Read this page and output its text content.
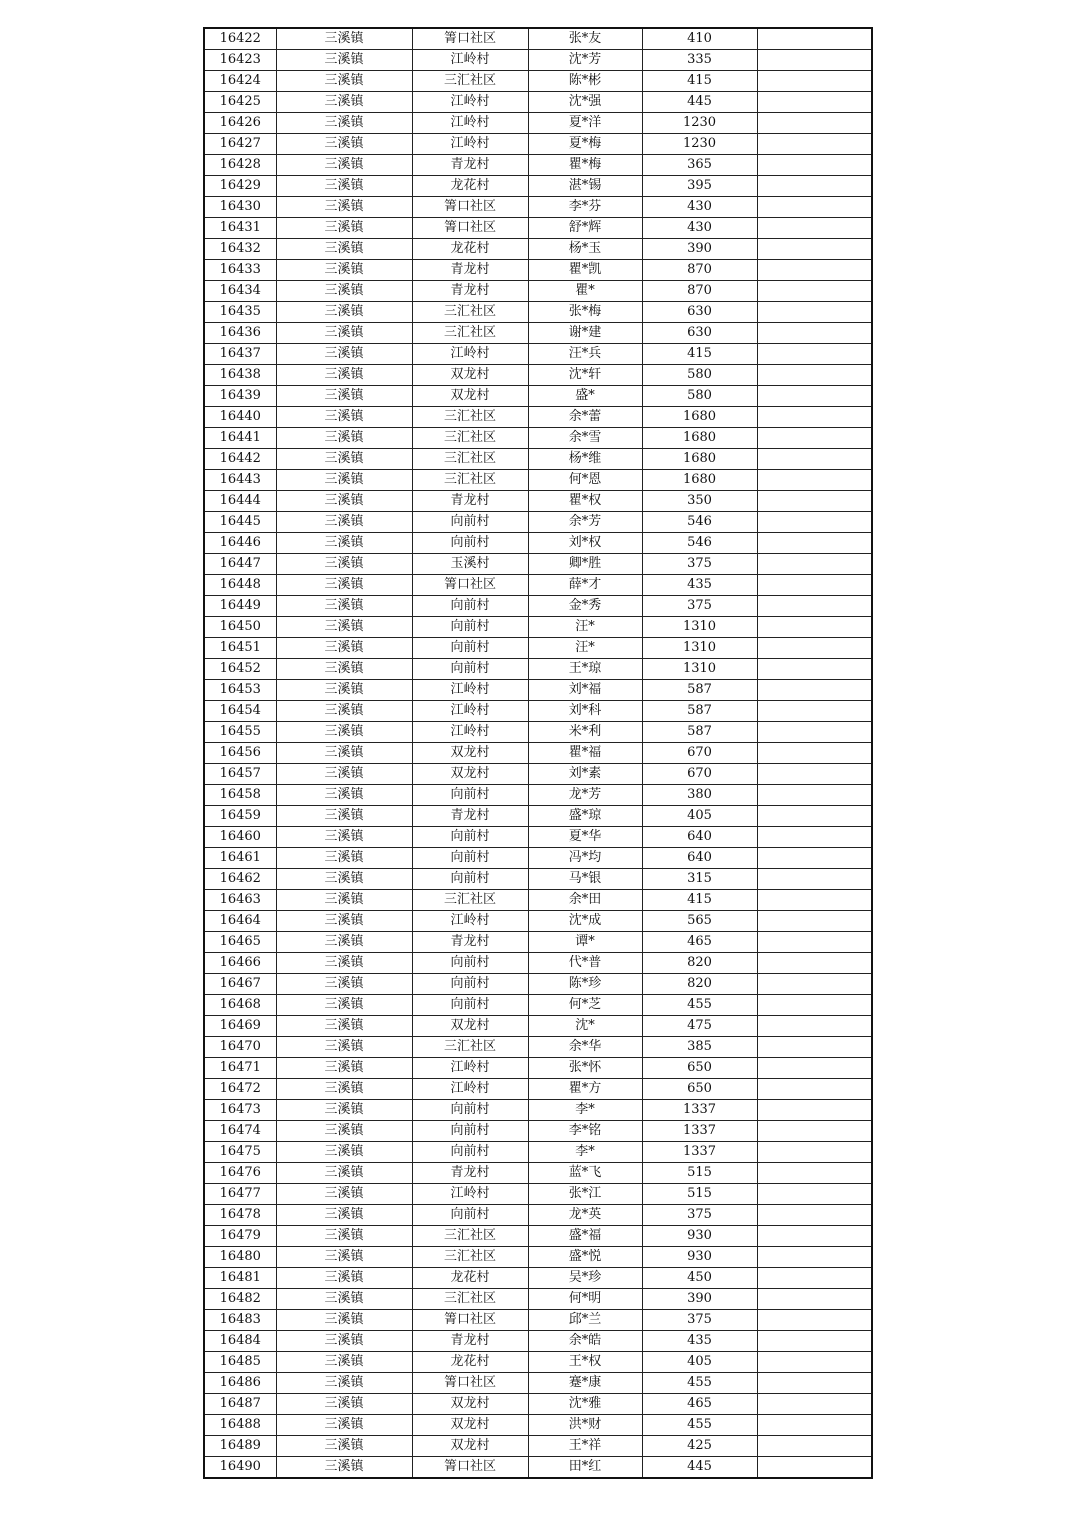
16422	三溪镇	箐口社区	张*友	410	
16423	三溪镇	江岭村	沈*芳	335	
16424	三溪镇	三汇社区	陈*彬	415	
16425	三溪镇	江岭村	沈*强	445	
16426	三溪镇	江岭村	夏*洋	1230	
16427	三溪镇	江岭村	夏*梅	1230	
16428	三溪镇	青龙村	瞿*梅	365	
16429	三溪镇	龙花村	湛*锡	395	
16430	三溪镇	箐口社区	李*芬	430	
16431	三溪镇	箐口社区	舒*辉	430	
16432	三溪镇	龙花村	杨*玉	390	
16433	三溪镇	青龙村	瞿*凯	870	
16434	三溪镇	青龙村	瞿*	870	
16435	三溪镇	三汇社区	张*梅	630	
16436	三溪镇	三汇社区	谢*建	630	
16437	三溪镇	江岭村	汪*兵	415	
16438	三溪镇	双龙村	沈*轩	580	
16439	三溪镇	双龙村	盛*	580	
16440	三溪镇	三汇社区	余*蕾	1680	
16441	三溪镇	三汇社区	余*雪	1680	
16442	三溪镇	三汇社区	杨*维	1680	
16443	三溪镇	三汇社区	何*恩	1680	
16444	三溪镇	青龙村	瞿*权	350	
16445	三溪镇	向前村	余*芳	546	
16446	三溪镇	向前村	刘*权	546	
16447	三溪镇	玉溪村	卿*胜	375	
16448	三溪镇	箐口社区	薛*才	435	
16449	三溪镇	向前村	金*秀	375	
16450	三溪镇	向前村	汪*	1310	
16451	三溪镇	向前村	汪*	1310	
16452	三溪镇	向前村	王*琼	1310	
16453	三溪镇	江岭村	刘*福	587	
16454	三溪镇	江岭村	刘*科	587	
16455	三溪镇	江岭村	米*利	587	
16456	三溪镇	双龙村	瞿*福	670	
16457	三溪镇	双龙村	刘*素	670	
16458	三溪镇	向前村	龙*芳	380	
16459	三溪镇	青龙村	盛*琼	405	
16460	三溪镇	向前村	夏*华	640	
16461	三溪镇	向前村	冯*均	640	
16462	三溪镇	向前村	马*银	315	
16463	三溪镇	三汇社区	余*田	415	
16464	三溪镇	江岭村	沈*成	565	
16465	三溪镇	青龙村	谭*	465	
16466	三溪镇	向前村	代*普	820	
16467	三溪镇	向前村	陈*珍	820	
16468	三溪镇	向前村	何*芝	455	
16469	三溪镇	双龙村	沈*	475	
16470	三溪镇	三汇社区	余*华	385	
16471	三溪镇	江岭村	张*怀	650	
16472	三溪镇	江岭村	瞿*方	650	
16473	三溪镇	向前村	李*	1337	
16474	三溪镇	向前村	李*铭	1337	
16475	三溪镇	向前村	李*	1337	
16476	三溪镇	青龙村	蓝*飞	515	
16477	三溪镇	江岭村	张*江	515	
16478	三溪镇	向前村	龙*英	375	
16479	三溪镇	三汇社区	盛*福	930	
16480	三溪镇	三汇社区	盛*悦	930	
16481	三溪镇	龙花村	吴*珍	450	
16482	三溪镇	三汇社区	何*明	390	
16483	三溪镇	箐口社区	邱*兰	375	
16484	三溪镇	青龙村	余*皓	435	
16485	三溪镇	龙花村	王*权	405	
16486	三溪镇	箐口社区	蹇*康	455	
16487	三溪镇	双龙村	沈*雅	465	
16488	三溪镇	双龙村	洪*财	455	
16489	三溪镇	双龙村	王*祥	425	
16490	三溪镇	箐口社区	田*红	445	
